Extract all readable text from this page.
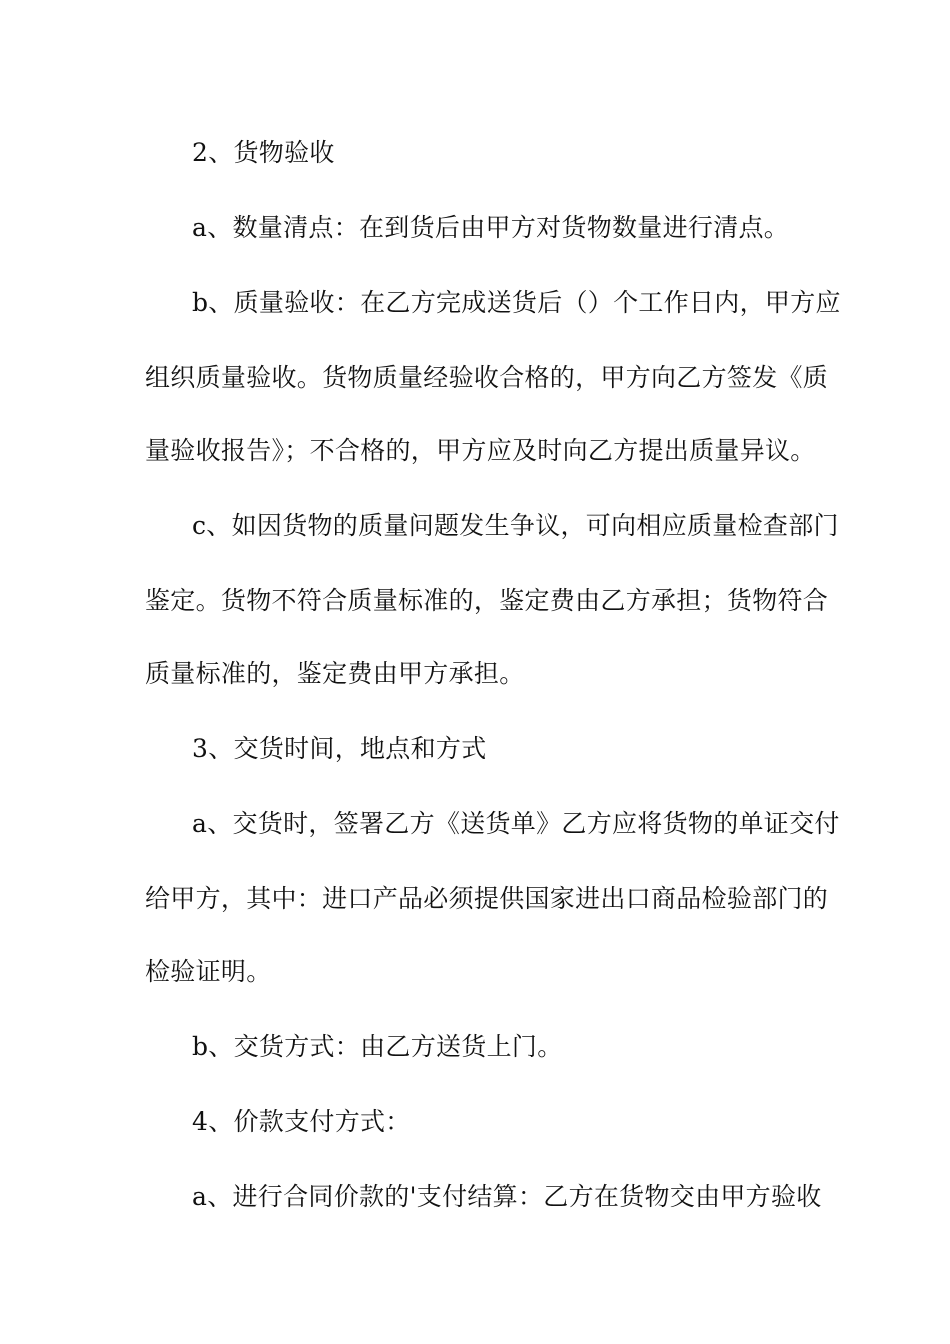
2、货物验收
a、数量清点：在到货后由甲方对货物数量进行清点。
b、质量验收：在乙方完成送货后（）个工作日内，甲方应
组织质量验收。货物质量经验收合格的，甲方向乙方签发《质
量验收报告》；不合格的，甲方应及时向乙方提出质量异议。
c、如因货物的质量问题发生争议，可向相应质量检查部门
鉴定。货物不符合质量标准的，鉴定费由乙方承担；货物符合
质量标准的，鉴定费由甲方承担。
3、交货时间，地点和方式
a、交货时，签署乙方《送货单》乙方应将货物的单证交付
给甲方，其中：进口产品必须提供国家进出口商品检验部门的
检验证明。
b、交货方式：由乙方送货上门。
4、价款支付方式：
a、进行合同价款的'支付结算：乙方在货物交由甲方验收
